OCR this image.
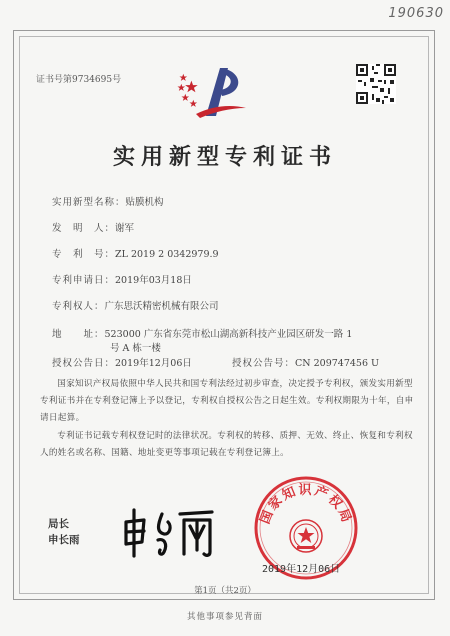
190630
证书号第9734695号
实用新型专利证书
实用新型名称：贴膜机构
发　明　人：谢军
专　利　号：ZL 2019 2 0342979.9
专利申请日：2019年03月18日
专利权人：广东思沃精密机械有限公司
地　　址：523000 广东省东莞市松山湖高新科技产业园区研发一路 1
号 A 栋一楼
授权公告日：2019年12月06日	授权公告号：CN 209747456 U
国家知识产权局依照中华人民共和国专利法经过初步审查，决定授予专利权，颁发实用新型专利证书并在专利登记簿上予以登记，专利权自授权公告之日起生效。专利权期限为十年，自申请日起算。
专利证书记载专利权登记时的法律状况。专利权的转移、质押、无效、终止、恢复和专利权人的姓名或名称、国籍、地址变更等事项记载在专利登记簿上。
局长
申长雨
国家知识产权局
2019年12月06日
第1页（共2页）
其他事项参见背面
